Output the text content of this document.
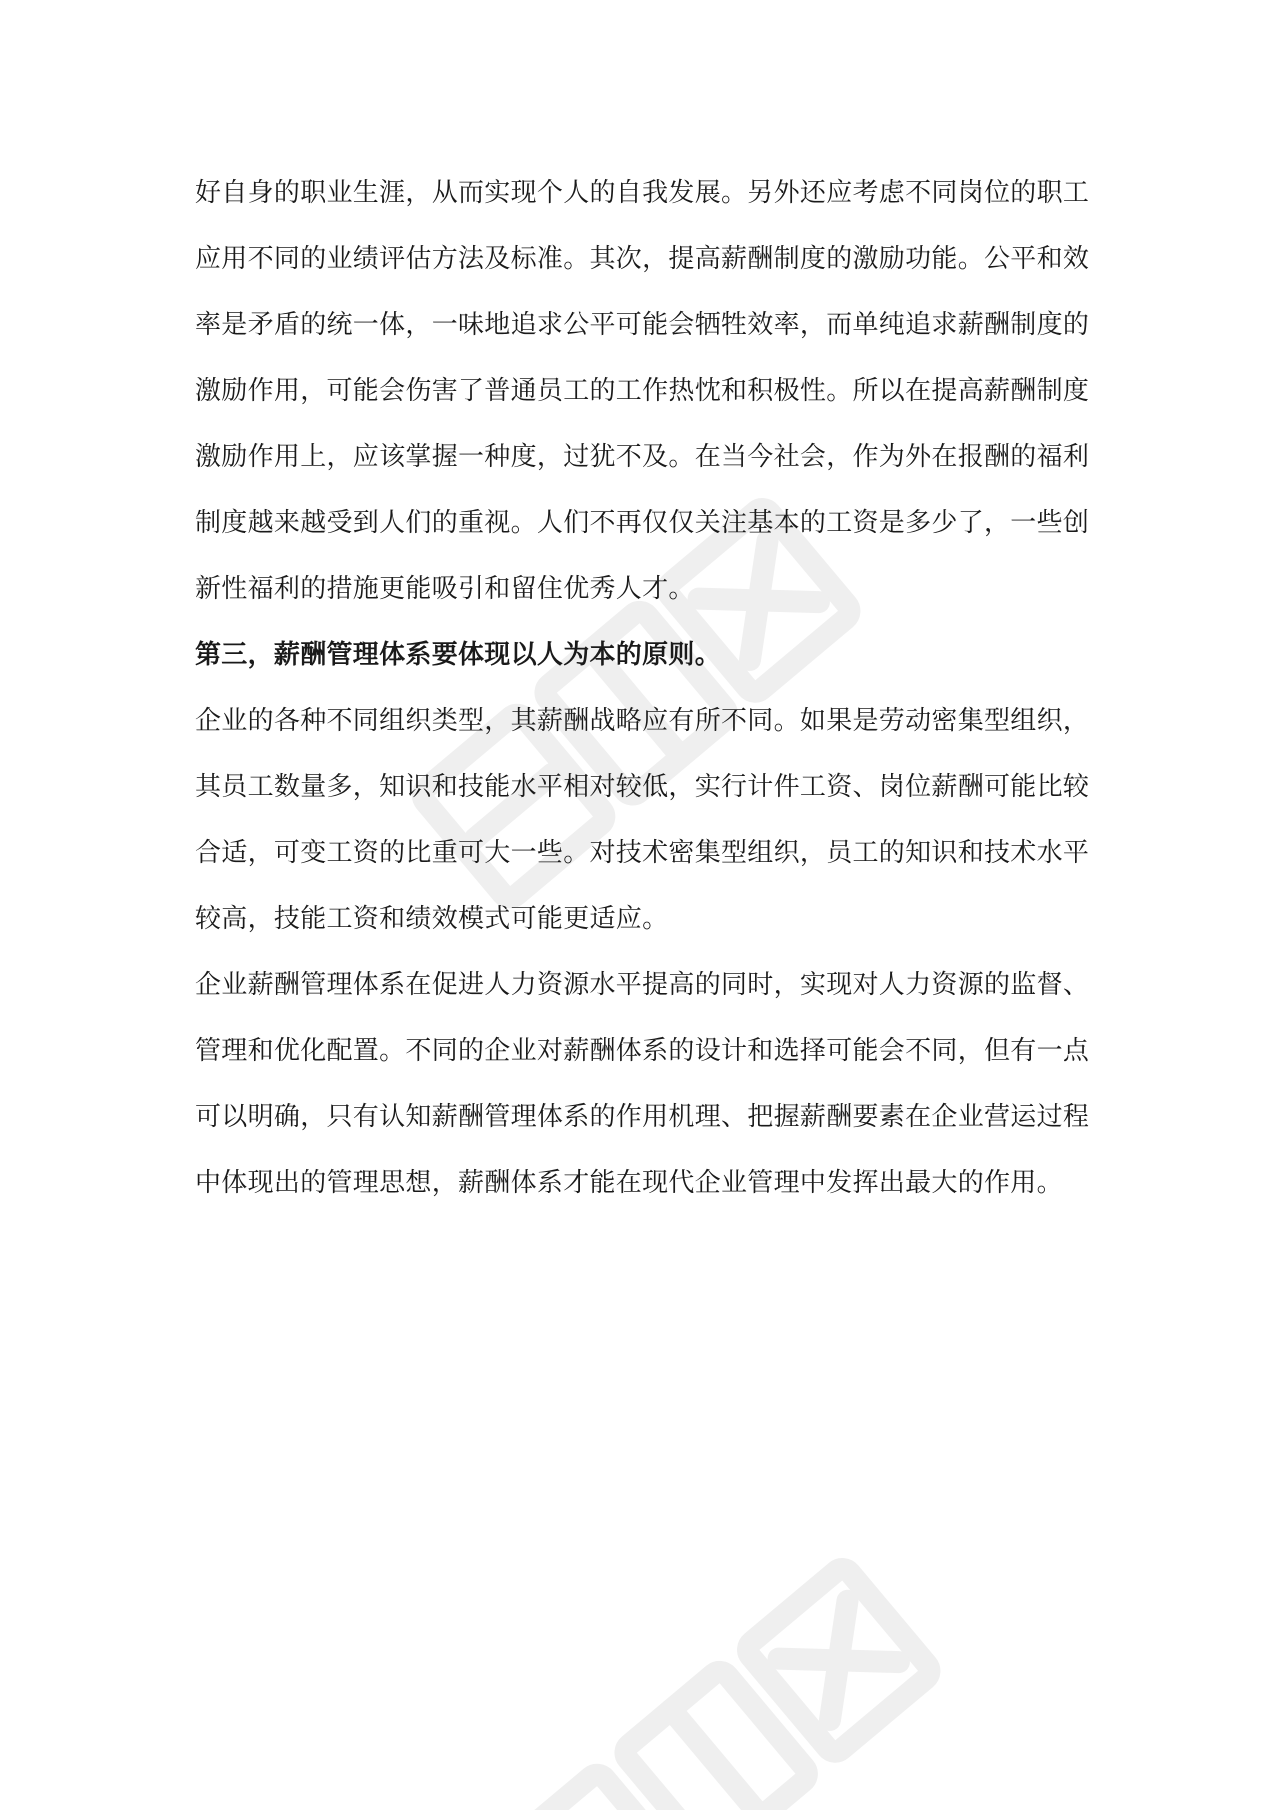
好自身的职业生涯，从而实现个人的自我发展。另外还应考虑不同岗位的职工
应用不同的业绩评估方法及标准。其次，提高薪酬制度的激励功能。公平和效
率是矛盾的统一体，一味地追求公平可能会牺牲效率，而单纯追求薪酬制度的
激励作用，可能会伤害了普通员工的工作热忱和积极性。所以在提高薪酬制度
激励作用上，应该掌握一种度，过犹不及。在当今社会，作为外在报酬的福利
制度越来越受到人们的重视。人们不再仅仅关注基本的工资是多少了，一些创
新性福利的措施更能吸引和留住优秀人才。
第三，薪酬管理体系要体现以人为本的原则。
企业的各种不同组织类型，其薪酬战略应有所不同。如果是劳动密集型组织，
其员工数量多，知识和技能水平相对较低，实行计件工资、岗位薪酬可能比较
合适，可变工资的比重可大一些。对技术密集型组织，员工的知识和技术水平
较高，技能工资和绩效模式可能更适应。
企业薪酬管理体系在促进人力资源水平提高的同时，实现对人力资源的监督、
管理和优化配置。不同的企业对薪酬体系的设计和选择可能会不同，但有一点
可以明确，只有认知薪酬管理体系的作用机理、把握薪酬要素在企业营运过程
中体现出的管理思想，薪酬体系才能在现代企业管理中发挥出最大的作用。
